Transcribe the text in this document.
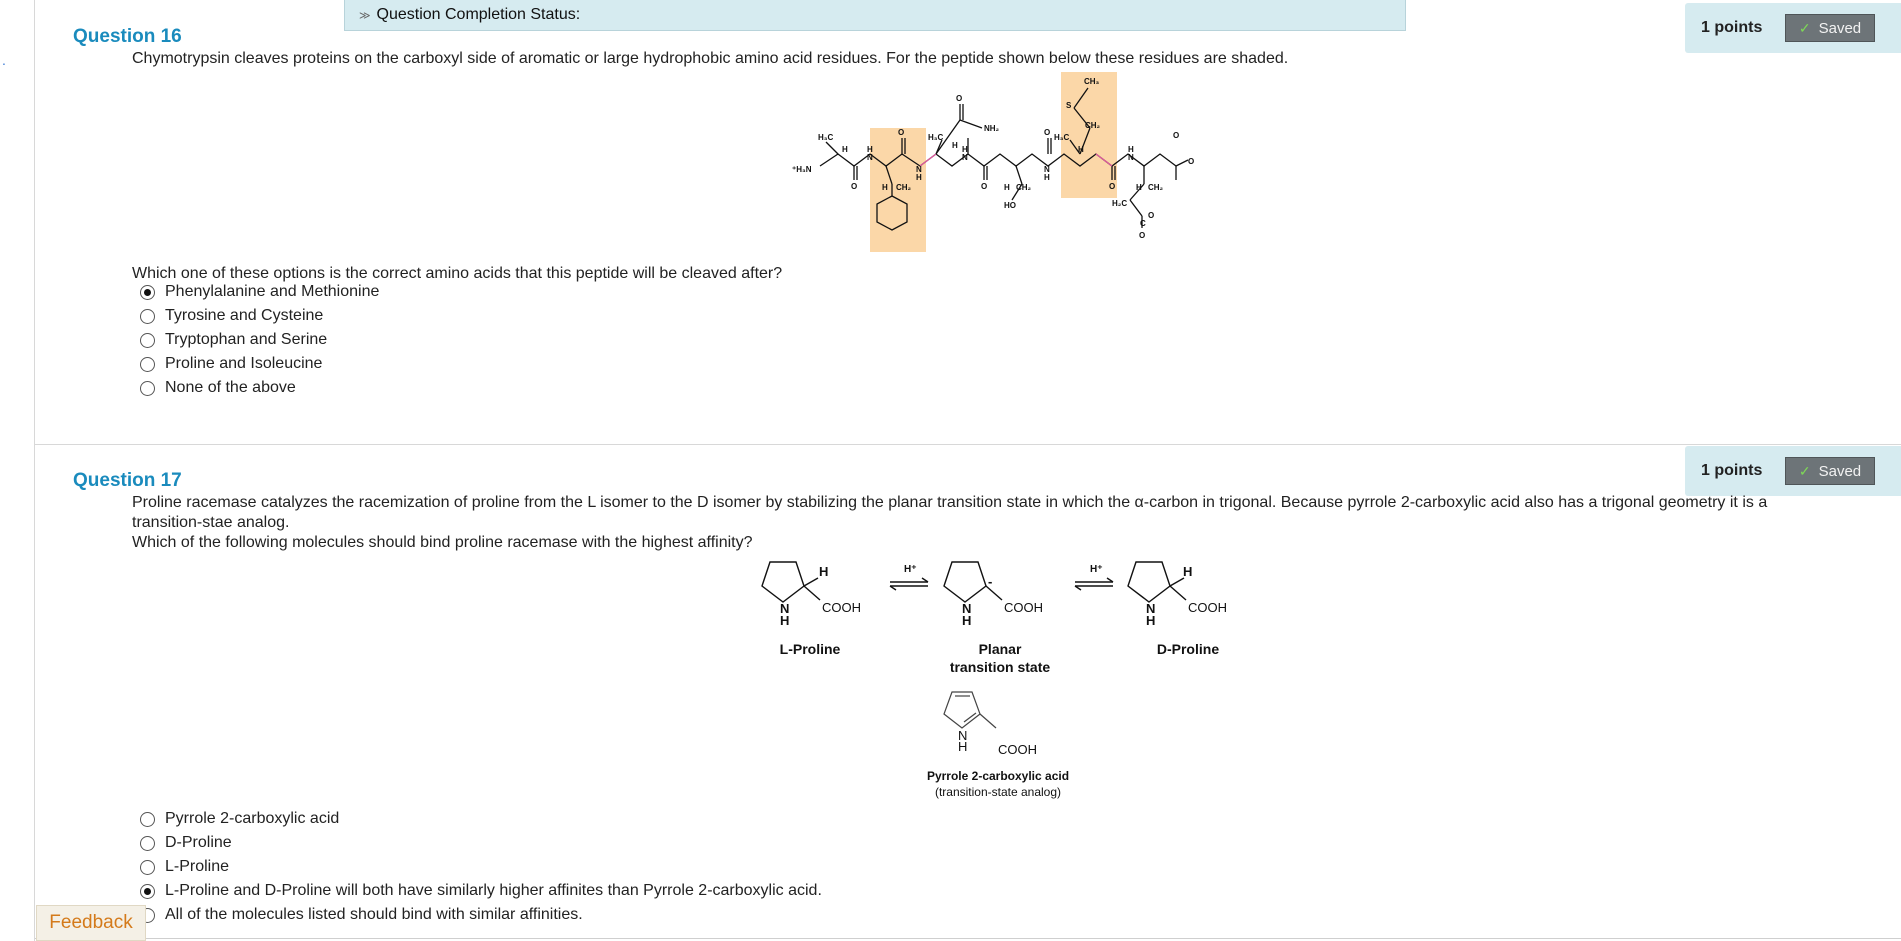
.
≫ Question Completion Status:
1 points	✓ Saved
Question 16
Chymotrypsin cleaves proteins on the carboxyl side of aromatic or large hydrophobic amino acid residues. For the peptide shown below these residues are shaded.
⁺H₃N
H₃C
H
O
N
H
O
H CH₂
H₃C
H
N
H
O
NH₂
H
N
O H CH₂
HO
O
H₃C
H
N
H
CH₂
S
CH₃
O
N
H
H CH₂
H₂C
C
O
O
O
O
Which one of these options is the correct amino acids that this peptide will be cleaved after?
Phenylalanine and Methionine
Tyrosine and Cysteine
Tryptophan and Serine
Proline and Isoleucine
None of the above
1 points	✓ Saved
Question 17
Proline racemase catalyzes the racemization of proline from the L isomer to the D isomer by stabilizing the planar transition state in which the α-carbon in trigonal. Because pyrrole 2-carboxylic acid also has a trigonal geometry it is a
transition-stae analog.
Which of the following molecules should bind proline racemase with the highest affinity?
H
N
H
H
N
H
N
H
-
H⁺	H⁺
COOH	COOH	COOH
N
H COOH
L-Proline	Planar
transition state
D-Proline
Pyrrole 2-carboxylic acid
(transition-state analog)
Pyrrole 2-carboxylic acid
D-Proline
L-Proline
L-Proline and D-Proline will both have similarly higher affinites than Pyrrole 2-carboxylic acid.
All of the molecules listed should bind with similar affinities.
Feedback
